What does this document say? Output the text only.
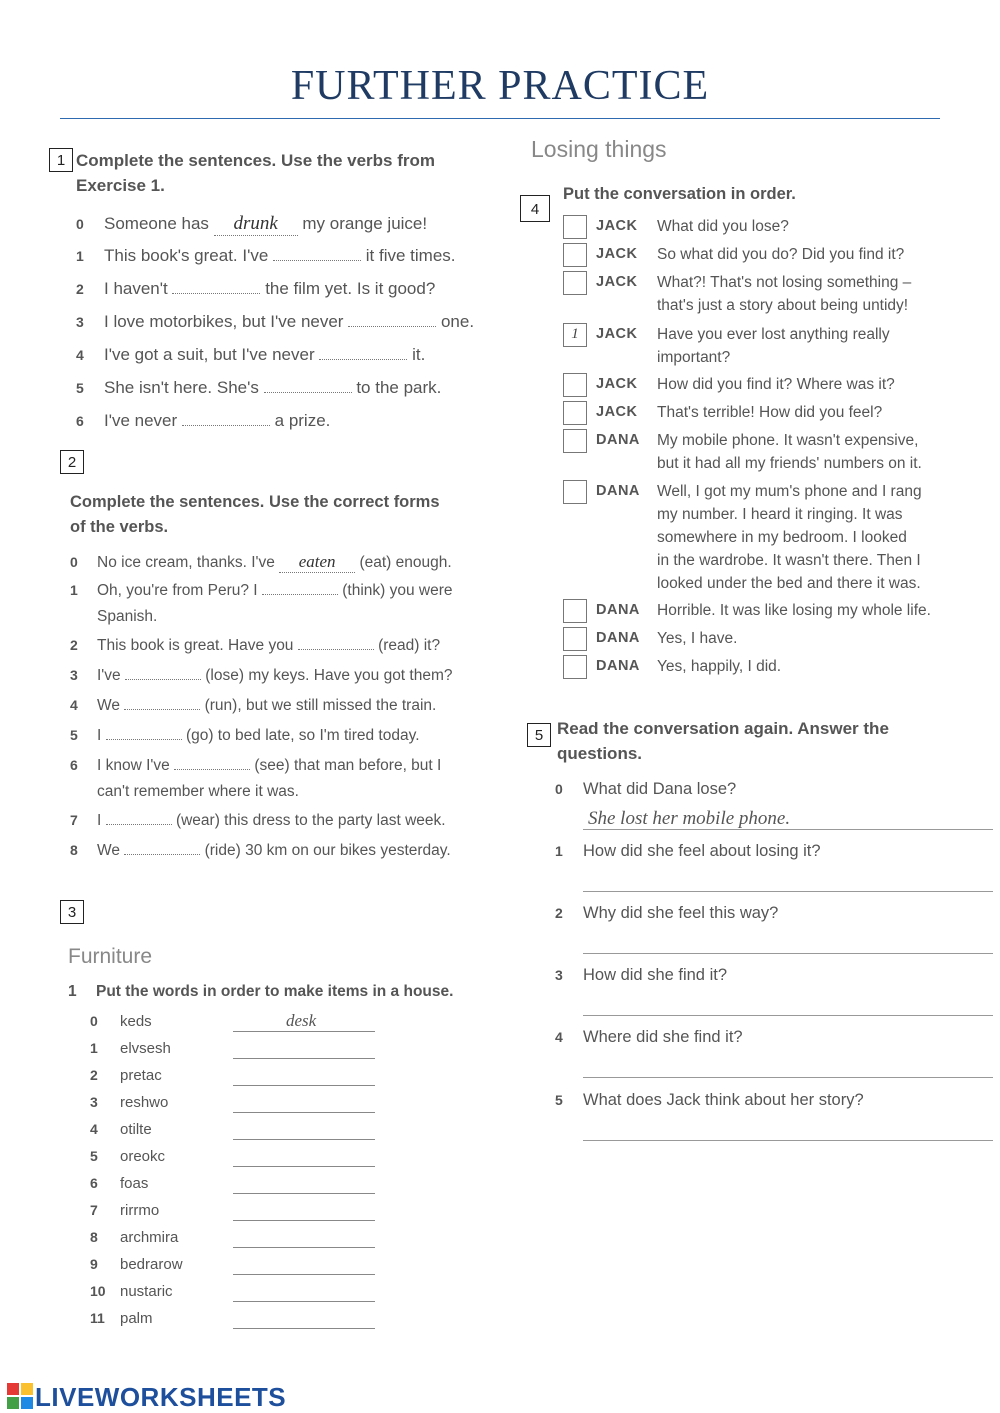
FURTHER PRACTICE
1 Complete the sentences. Use the verbs from
Exercise 1.
0 Someone has drunk my orange juice!
1 This book's great. I've	it five times.
2 I haven't	the film yet. Is it good?
3 I love motorbikes, but I've never	one.
4 I've got a suit, but I've never	it.
5 She isn't here. She's	to the park.
6 I've never	a prize.
2
Complete the sentences. Use the correct forms
of the verbs.
0 No ice cream, thanks. I've eaten (eat) enough.
1 Oh, you're from Peru? I	(think) you were
Spanish.
2 This book is great. Have you	(read) it?
3 I've	(lose) my keys. Have you got them?
4 We	(run), but we still missed the train.
5 I	(go) to bed late, so I'm tired today.
6 I know I've	(see) that man before, but I
can't remember where it was.
7 I	(wear) this dress to the party last week.
8 We	(ride) 30 km on our bikes yesterday.
3
Furniture
1 Put the words in order to make items in a house.
0 keds	desk
1 elvsesh
2 pretac
3 reshwo
4 otilte
5 oreokc
6 foas
7 rirrmo
8 archmira
9 bedrarow
10 nustaric
11 palm
Losing things
Put the conversation in order.
4
JACK What did you lose?
JACK So what did you do? Did you find it?
JACK What?! That's not losing something –
that's just a story about being untidy!
1	JACK Have you ever lost anything really
important?
JACK How did you find it? Where was it?
JACK That's terrible! How did you feel?
DANA My mobile phone. It wasn't expensive,
but it had all my friends' numbers on it.
DANA Well, I got my mum's phone and I rang
my number. I heard it ringing. It was
somewhere in my bedroom. I looked
in the wardrobe. It wasn't there. Then I
looked under the bed and there it was.
DANA Horrible. It was like losing my whole life.
DANA Yes, I have.
DANA Yes, happily, I did.
5 Read the conversation again. Answer the
questions.
0 What did Dana lose?
She lost her mobile phone.
1 How did she feel about losing it?
2 Why did she feel this way?
3 How did she find it?
4 Where did she find it?
5 What does Jack think about her story?
LIVEWORKSHEETS
